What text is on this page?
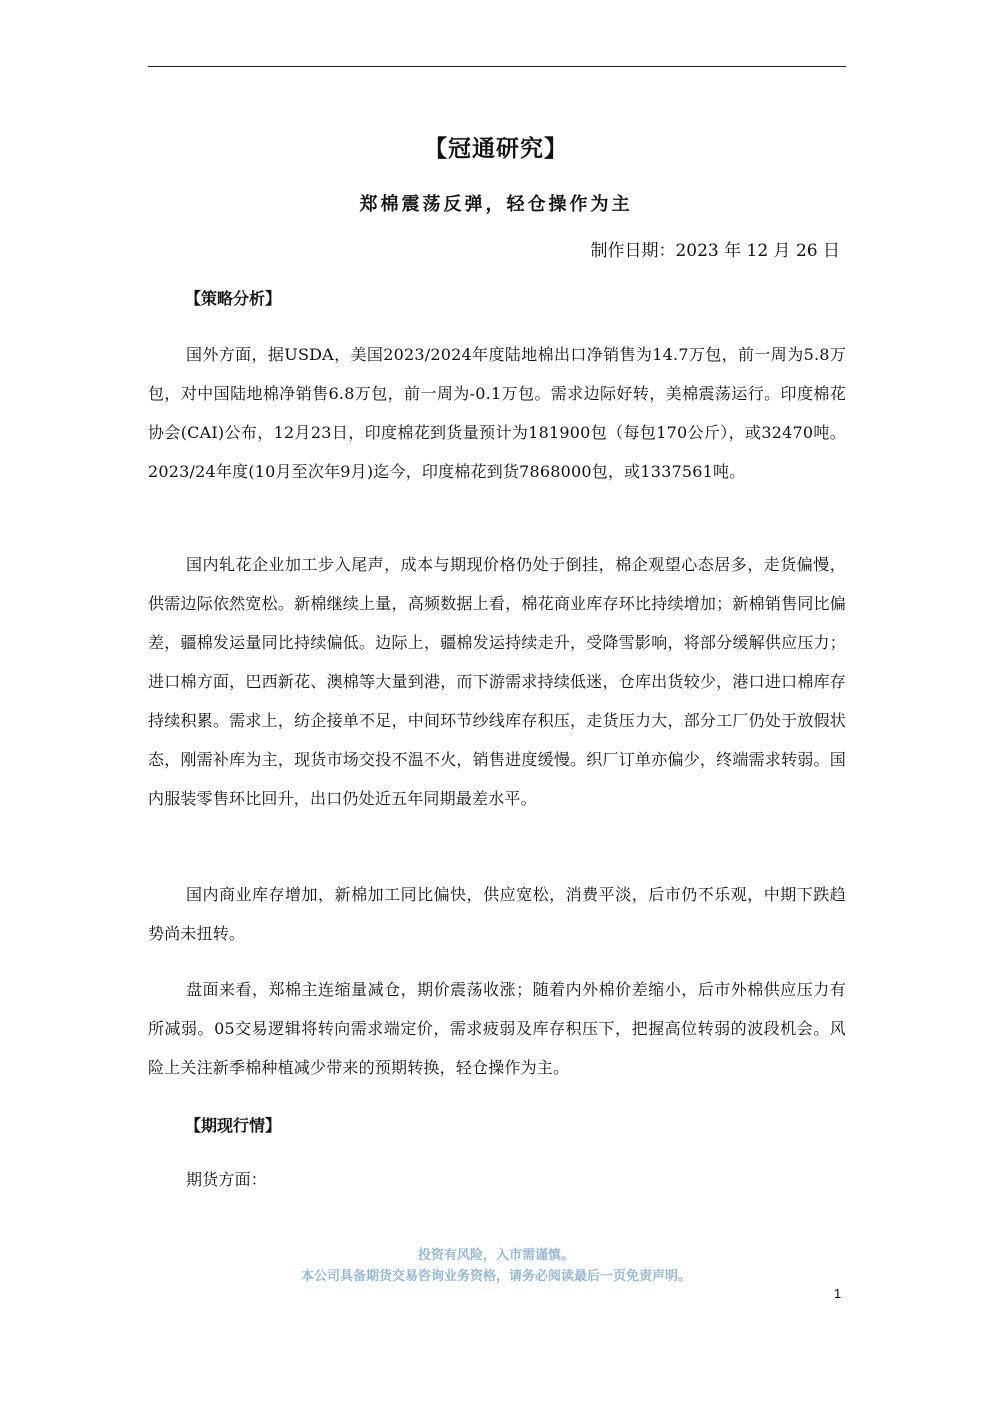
【冠通研究】
郑棉震荡反弹，轻仓操作为主
制作日期：2023 年 12 月 26 日
【策略分析】
国外方面，据USDA，美国2023/2024年度陆地棉出口净销售为14.7万包，前一周为5.8万包，对中国陆地棉净销售6.8万包，前一周为-0.1万包。需求边际好转，美棉震荡运行。印度棉花协会(CAI)公布，12月23日，印度棉花到货量预计为181900包（每包170公斤），或32470吨。2023/24年度(10月至次年9月)迄今，印度棉花到货7868000包，或1337561吨。
国内轧花企业加工步入尾声，成本与期现价格仍处于倒挂，棉企观望心态居多，走货偏慢，供需边际依然宽松。新棉继续上量，高频数据上看，棉花商业库存环比持续增加；新棉销售同比偏差，疆棉发运量同比持续偏低。边际上，疆棉发运持续走升，受降雪影响，将部分缓解供应压力；进口棉方面，巴西新花、澳棉等大量到港，而下游需求持续低迷，仓库出货较少，港口进口棉库存持续积累。需求上，纺企接单不足，中间环节纱线库存积压，走货压力大，部分工厂仍处于放假状态，刚需补库为主，现货市场交投不温不火，销售进度缓慢。织厂订单亦偏少，终端需求转弱。国内服装零售环比回升，出口仍处近五年同期最差水平。
国内商业库存增加，新棉加工同比偏快，供应宽松，消费平淡，后市仍不乐观，中期下跌趋势尚未扭转。
盘面来看，郑棉主连缩量减仓，期价震荡收涨；随着内外棉价差缩小，后市外棉供应压力有所减弱。05交易逻辑将转向需求端定价，需求疲弱及库存积压下，把握高位转弱的波段机会。风险上关注新季棉种植减少带来的预期转换，轻仓操作为主。
【期现行情】
期货方面：
投资有风险，入市需谨慎。
本公司具备期货交易咨询业务资格，请务必阅读最后一页免责声明。
1
